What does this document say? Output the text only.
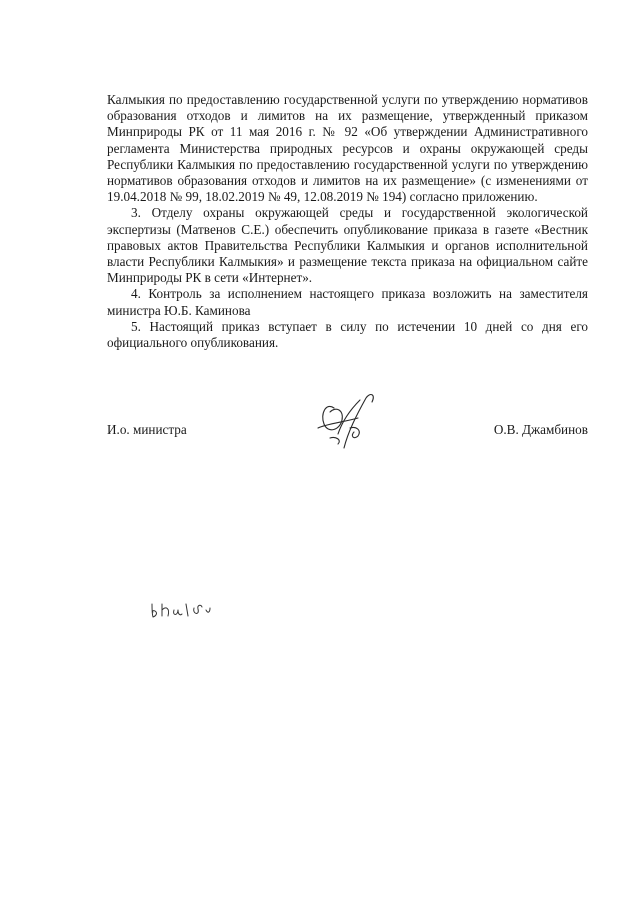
Калмыкия по предоставлению государственной услуги по утверждению нормативов образования отходов и лимитов на их размещение, утвержденный приказом Минприроды РК от 11 мая 2016 г. № 92 «Об утверждении Административного регламента Министерства природных ресурсов и охраны окружающей среды Республики Калмыкия по предоставлению государственной услуги по утверждению нормативов образования отходов и лимитов на их размещение» (с изменениями от 19.04.2018 № 99, 18.02.2019 № 49, 12.08.2019 № 194) согласно приложению.

3. Отделу охраны окружающей среды и государственной экологической экспертизы (Матвенов С.Е.) обеспечить опубликование приказа в газете «Вестник правовых актов Правительства Республики Калмыкия и органов исполнительной власти Республики Калмыкия» и размещение текста приказа на официальном сайте Минприроды РК в сети «Интернет».

4. Контроль за исполнением настоящего приказа возложить на заместителя министра Ю.Б. Каминова

5. Настоящий приказ вступает в силу по истечении 10 дней со дня его официального опубликования.

И.о. министра	О.В. Джамбинов
